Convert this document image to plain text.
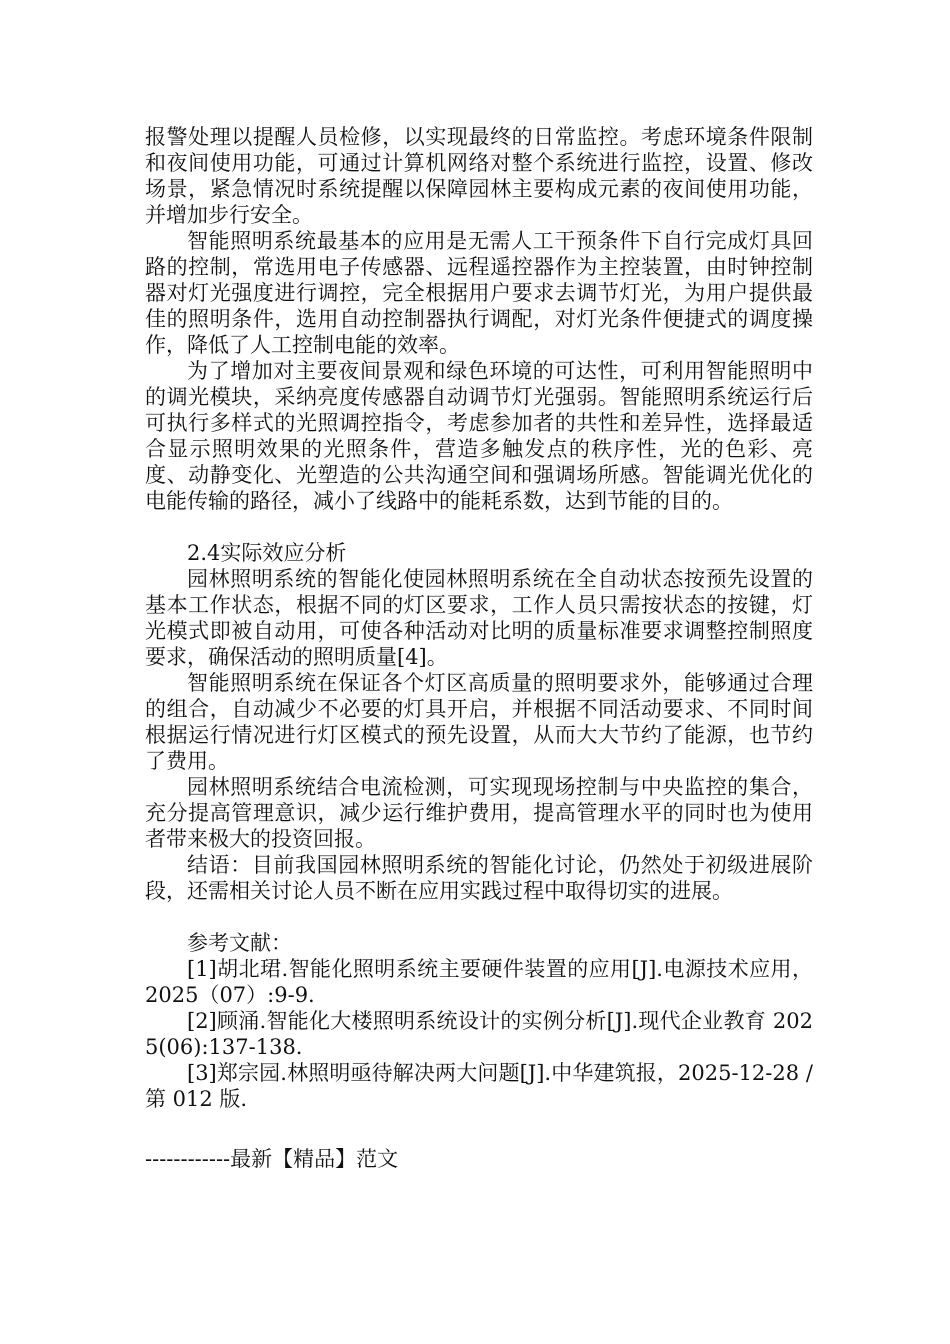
报警处理以提醒人员检修，以实现最终的日常监控。考虑环境条件限制和夜间使用功能，可通过计算机网络对整个系统进行监控，设置、修改场景，紧急情况时系统提醒以保障园林主要构成元素的夜间使用功能，并增加步行安全。

智能照明系统最基本的应用是无需人工干预条件下自行完成灯具回路的控制，常选用电子传感器、远程遥控器作为主控装置，由时钟控制器对灯光强度进行调控，完全根据用户要求去调节灯光，为用户提供最佳的照明条件，选用自动控制器执行调配，对灯光条件便捷式的调度操作，降低了人工控制电能的效率。

为了增加对主要夜间景观和绿色环境的可达性，可利用智能照明中的调光模块，采纳亮度传感器自动调节灯光强弱。智能照明系统运行后可执行多样式的光照调控指令，考虑参加者的共性和差异性，选择最适合显示照明效果的光照条件，营造多触发点的秩序性，光的色彩、亮度、动静变化、光塑造的公共沟通空间和强调场所感。智能调光优化的电能传输的路径，减小了线路中的能耗系数，达到节能的目的。

2.4实际效应分析

园林照明系统的智能化使园林照明系统在全自动状态按预先设置的基本工作状态，根据不同的灯区要求，工作人员只需按状态的按键，灯光模式即被自动用，可使各种活动对比明的质量标准要求调整控制照度要求，确保活动的照明质量[4]。

智能照明系统在保证各个灯区高质量的照明要求外，能够通过合理的组合，自动减少不必要的灯具开启，并根据不同活动要求、不同时间根据运行情况进行灯区模式的预先设置，从而大大节约了能源，也节约了费用。

园林照明系统结合电流检测，可实现现场控制与中央监控的集合，充分提高管理意识，减少运行维护费用，提高管理水平的同时也为使用者带来极大的投资回报。

结语：目前我国园林照明系统的智能化讨论，仍然处于初级进展阶段，还需相关讨论人员不断在应用实践过程中取得切实的进展。

参考文献：

[1]胡北珺.智能化照明系统主要硬件装置的应用[J].电源技术应用，2025（07）:9-9.

[2]顾涌.智能化大楼照明系统设计的实例分析[J].现代企业教育 2025(06):137-138.

[3]郑宗园.林照明亟待解决两大问题[J].中华建筑报，2025-12-28 /第 012 版.

------------最新【精品】范文
